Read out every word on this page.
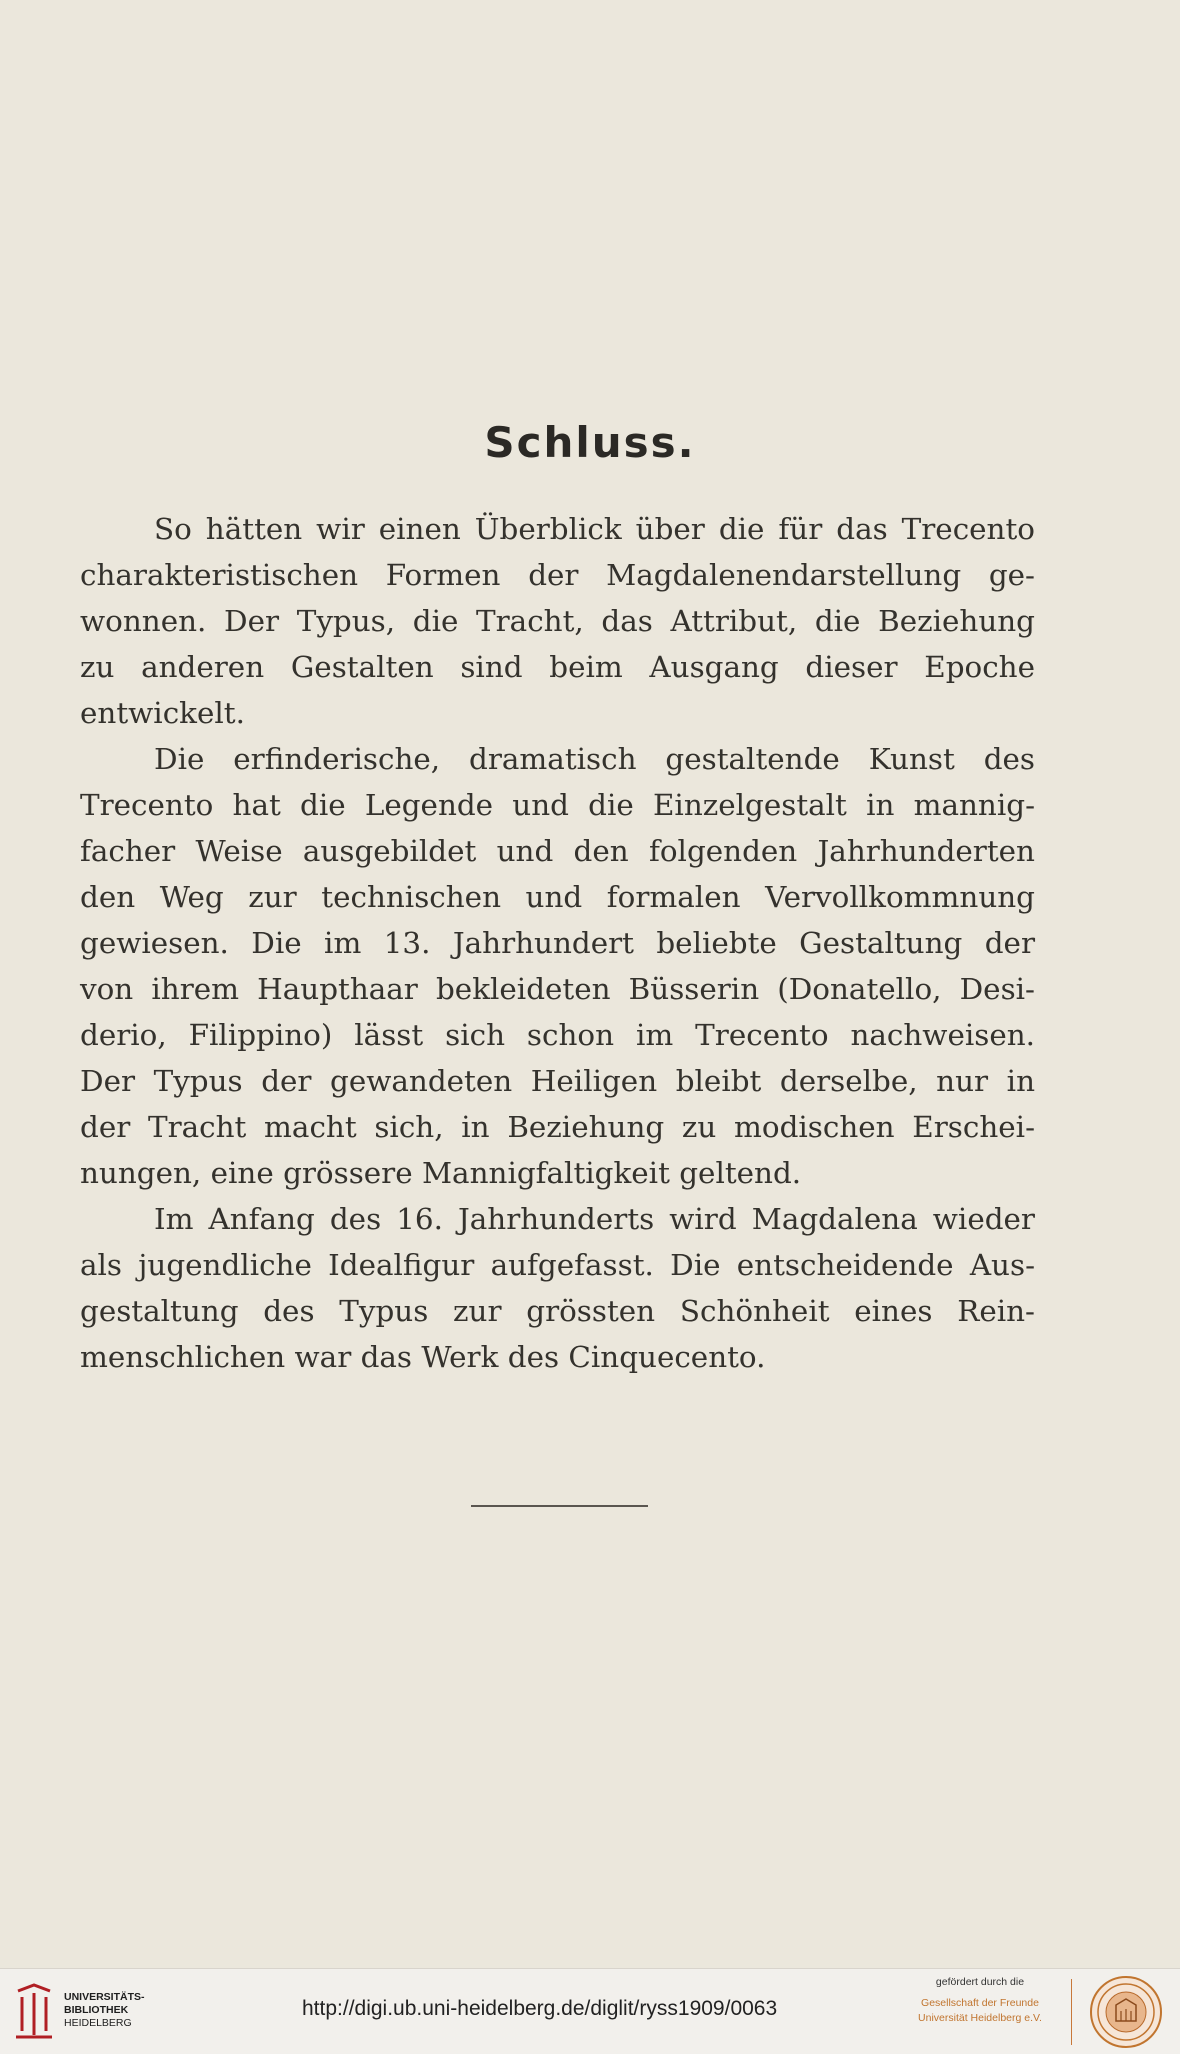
Schluss.
So hätten wir einen Überblick über die für das Trecento
charakteristischen Formen der Magdalenendarstellung ge-
wonnen. Der Typus, die Tracht, das Attribut, die Beziehung
zu anderen Gestalten sind beim Ausgang dieser Epoche
entwickelt.
Die erfinderische, dramatisch gestaltende Kunst des
Trecento hat die Legende und die Einzelgestalt in mannig-
facher Weise ausgebildet und den folgenden Jahrhunderten
den Weg zur technischen und formalen Vervollkommnung
gewiesen. Die im 13. Jahrhundert beliebte Gestaltung der
von ihrem Haupthaar bekleideten Büsserin (Donatello, Desi-
derio, Filippino) lässt sich schon im Trecento nachweisen.
Der Typus der gewandeten Heiligen bleibt derselbe, nur in
der Tracht macht sich, in Beziehung zu modischen Erschei-
nungen, eine grössere Mannigfaltigkeit geltend.
Im Anfang des 16. Jahrhunderts wird Magdalena wieder
als jugendliche Idealfigur aufgefasst. Die entscheidende Aus-
gestaltung des Typus zur grössten Schönheit eines Rein-
menschlichen war das Werk des Cinquecento.
UNIVERSITÄTS-
BIBLIOTHEK
HEIDELBERG
http://digi.ub.uni-heidelberg.de/diglit/ryss1909/0063
gefördert durch die
Gesellschaft der Freunde
Universität Heidelberg e.V.
